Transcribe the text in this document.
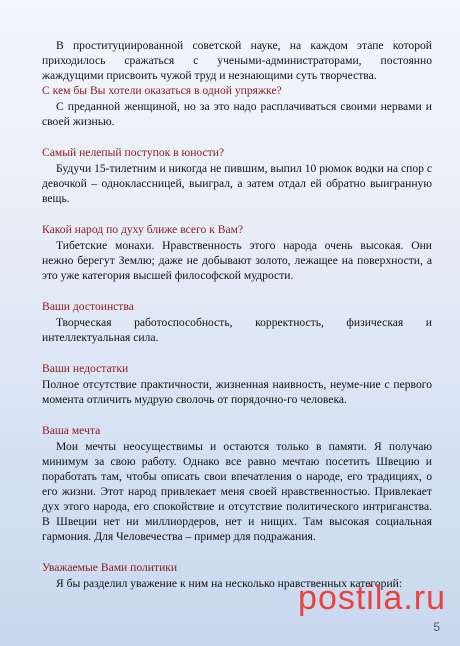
В проституциированной советской науке, на каждом этапе которой приходилось сражаться с учеными-администраторами, постоянно жаждущими присвоить чужой труд и незнающими суть творчества.

С кем бы Вы хотели оказаться в одной упряжке?

С преданной женщиной, но за это надо расплачиваться своими нервами и своей жизнью.

Самый нелепый поступок в юности?

Будучи 15-тилетним и никогда не пившим, выпил 10 рюмок водки на спор с девочкой – одноклассницей, выиграл, а затем отдал ей обратно выигранную вещь.

Какой народ по духу ближе всего к Вам?

Тибетские монахи. Нравственность этого народа очень высокая. Они нежно берегут Землю; даже не добывают золото, лежащее на поверхности, а это уже категория высшей философской мудрости.

Ваши достоинства

Творческая работоспособность, корректность, физическая и интеллектуальная сила.

Ваши недостатки

Полное отсутствие практичности, жизненная наивность, неуме-ние с первого момента отличить мудрую сволочь от порядочно-го человека.

Ваша мечта

Мои мечты неосуществимы и остаются только в памяти. Я получаю минимум за свою работу. Однако все равно мечтаю посетить Швецию и поработать там, чтобы описать свои впечатления о народе, его традициях, о его жизни. Этот народ привлекает меня своей нравственностью. Привлекает дух этого народа, его спокойствие и отсутствие политического интриганства. В Швеции нет ни миллиордеров, нет и нищих. Там высокая социальная гармония. Для Человечества – пример для подражания.

Уважаемые Вами политики

Я бы разделил уважение к ним на несколько нравственных категорий:

postila.ru
5
